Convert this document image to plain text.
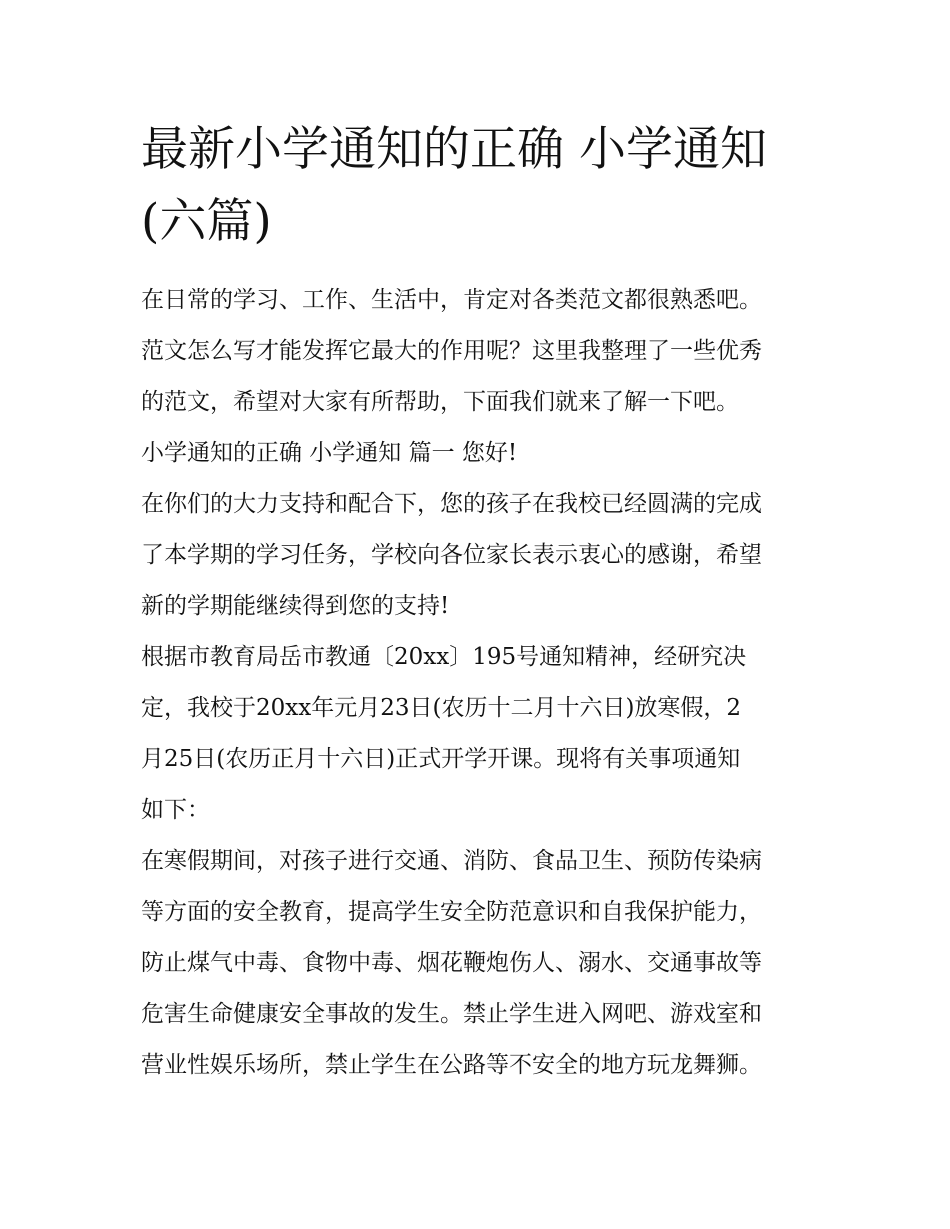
最新小学通知的正确 小学通知
(六篇)

在日常的学习、工作、生活中，肯定对各类范文都很熟悉吧。

范文怎么写才能发挥它最大的作用呢？这里我整理了一些优秀

的范文，希望对大家有所帮助，下面我们就来了解一下吧。

小学通知的正确 小学通知 篇一 您好!

在你们的大力支持和配合下，您的孩子在我校已经圆满的完成

了本学期的学习任务，学校向各位家长表示衷心的感谢，希望

新的学期能继续得到您的支持!

根据市教育局岳市教通〔20xx〕195号通知精神，经研究决

定，我校于20xx年元月23日(农历十二月十六日)放寒假，2

月25日(农历正月十六日)正式开学开课。现将有关事项通知

如下：

在寒假期间，对孩子进行交通、消防、食品卫生、预防传染病

等方面的安全教育，提高学生安全防范意识和自我保护能力，

防止煤气中毒、食物中毒、烟花鞭炮伤人、溺水、交通事故等

危害生命健康安全事故的发生。禁止学生进入网吧、游戏室和

营业性娱乐场所，禁止学生在公路等不安全的地方玩龙舞狮。
